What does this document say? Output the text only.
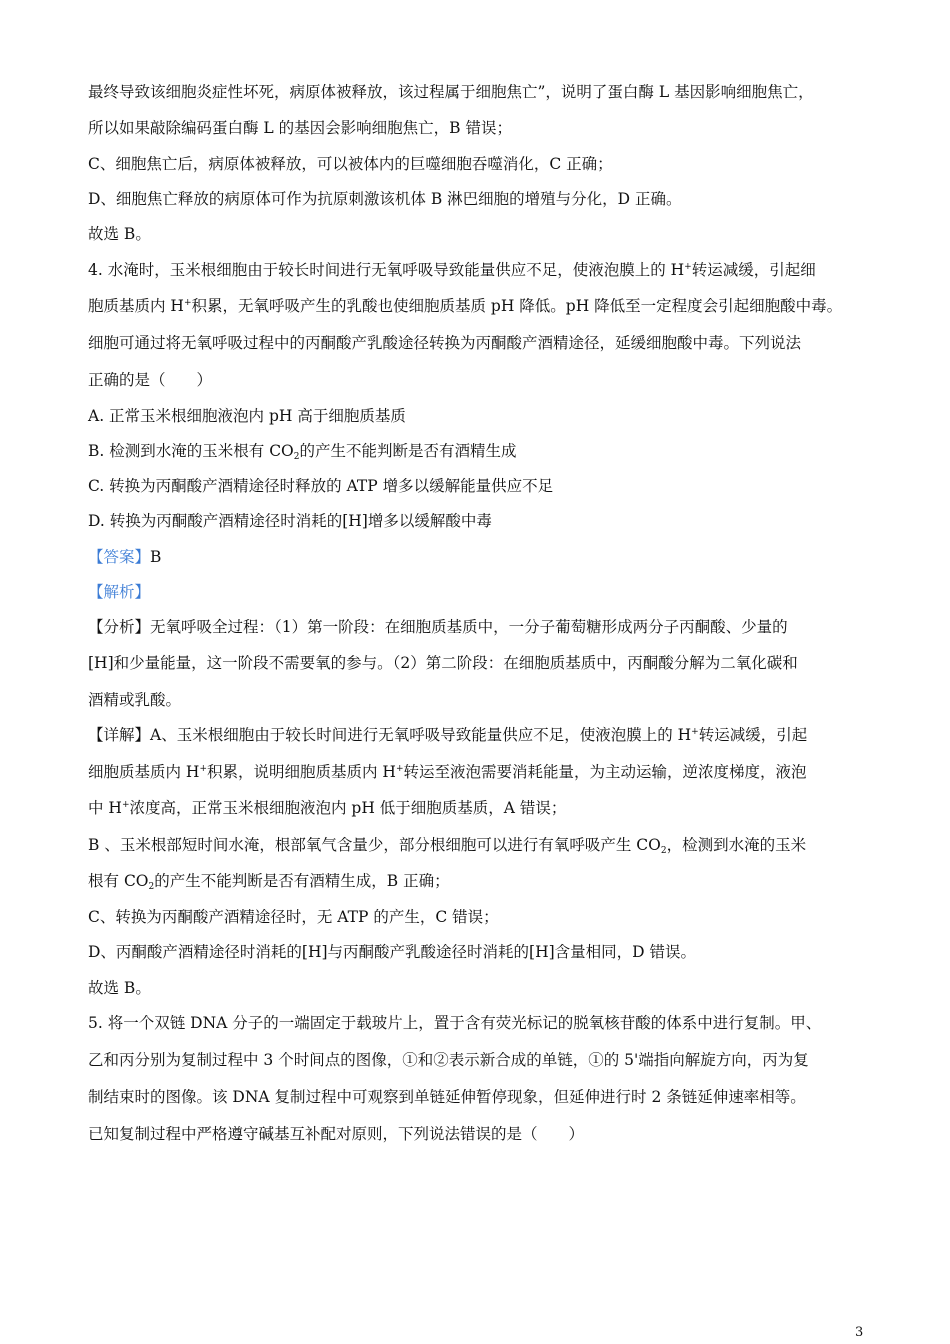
最终导致该细胞炎症性坏死，病原体被释放，该过程属于细胞焦亡”，说明了蛋白酶 L 基因影响细胞焦亡，
所以如果敲除编码蛋白酶 L 的基因会影响细胞焦亡，B 错误；
C、细胞焦亡后，病原体被释放，可以被体内的巨噬细胞吞噬消化，C 正确；
D、细胞焦亡释放的病原体可作为抗原刺激该机体 B 淋巴细胞的增殖与分化，D 正确。
故选 B。
4. 水淹时，玉米根细胞由于较长时间进行无氧呼吸导致能量供应不足，使液泡膜上的 H+转运减缓，引起细
胞质基质内 H+积累，无氧呼吸产生的乳酸也使细胞质基质 pH 降低。pH 降低至一定程度会引起细胞酸中毒。
细胞可通过将无氧呼吸过程中的丙酮酸产乳酸途径转换为丙酮酸产酒精途径，延缓细胞酸中毒。下列说法
正确的是（　　）
A. 正常玉米根细胞液泡内 pH 高于细胞质基质
B. 检测到水淹的玉米根有 $CO_2$的产生不能判断是否有酒精生成
C. 转换为丙酮酸产酒精途径时释放的 ATP 增多以缓解能量供应不足
D. 转换为丙酮酸产酒精途径时消耗的[H]增多以缓解酸中毒
【答案】B
【解析】
【分析】无氧呼吸全过程：（1）第一阶段：在细胞质基质中，一分子葡萄糖形成两分子丙酮酸、少量的
[H]和少量能量，这一阶段不需要氧的参与。（2）第二阶段：在细胞质基质中，丙酮酸分解为二氧化碳和
酒精或乳酸。
【详解】A、玉米根细胞由于较长时间进行无氧呼吸导致能量供应不足，使液泡膜上的 H+转运减缓，引起
细胞质基质内 H+积累，说明细胞质基质内 H+转运至液泡需要消耗能量，为主动运输，逆浓度梯度，液泡
中 H+浓度高，正常玉米根细胞液泡内 pH 低于细胞质基质，A 错误；
B 、玉米根部短时间水淹，根部氧气含量少，部分根细胞可以进行有氧呼吸产生 $CO_2$，检测到水淹的玉米
根有 $CO_2$的产生不能判断是否有酒精生成，B 正确；
C、转换为丙酮酸产酒精途径时，无 ATP 的产生，C 错误；
D、丙酮酸产酒精途径时消耗的[H]与丙酮酸产乳酸途径时消耗的[H]含量相同，D 错误。
故选 B。
5. 将一个双链 DNA 分子的一端固定于载玻片上，置于含有荧光标记的脱氧核苷酸的体系中进行复制。甲、
乙和丙分别为复制过程中 3 个时间点的图像，①和②表示新合成的单链，①的 5'端指向解旋方向，丙为复
制结束时的图像。该 DNA 复制过程中可观察到单链延伸暂停现象，但延伸进行时 2 条链延伸速率相等。
已知复制过程中严格遵守碱基互补配对原则，下列说法错误的是（　　）
3
